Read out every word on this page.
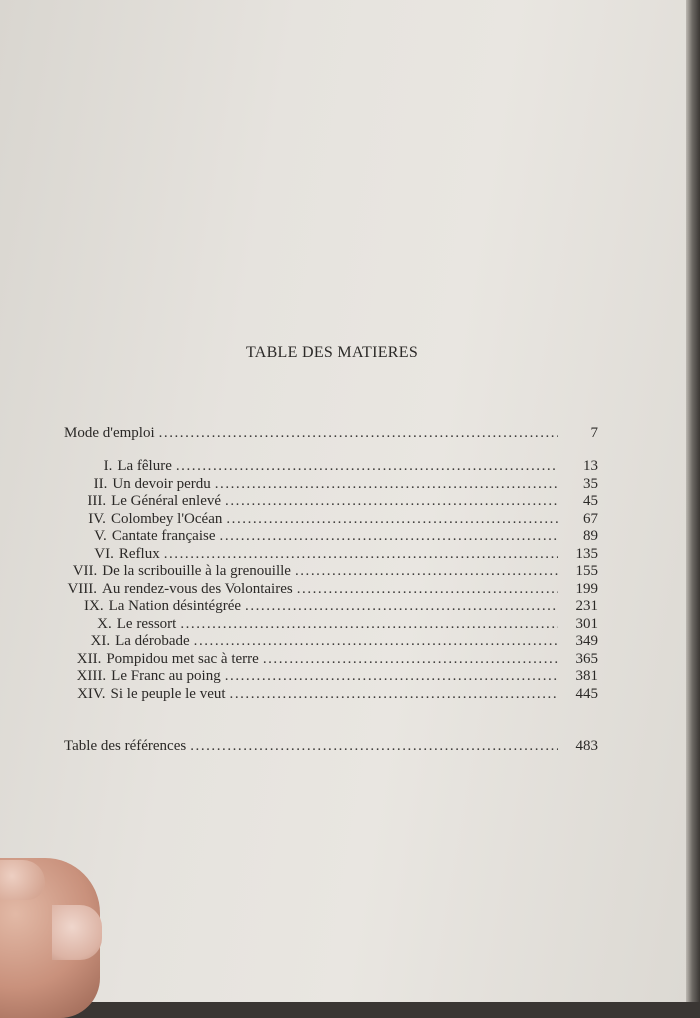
TABLE DES MATIERES
Mode d'emploi . . .	7
I. La fêlure . . .	13
II. Un devoir perdu . . .	35
III. Le Général enlevé . . .	45
IV. Colombey l'Océan . . .	67
V. Cantate française . . .	89
VI. Reflux . . .	135
VII. De la scribouille à la grenouille . . .	155
VIII. Au rendez-vous des Volontaires . . .	199
IX. La Nation désintégrée . . .	231
X. Le ressort . . .	301
XI. La dérobade . . .	349
XII. Pompidou met sac à terre . . .	365
XIII. Le Franc au poing . . .	381
XIV. Si le peuple le veut . . .	445
Table des références . . .	483
